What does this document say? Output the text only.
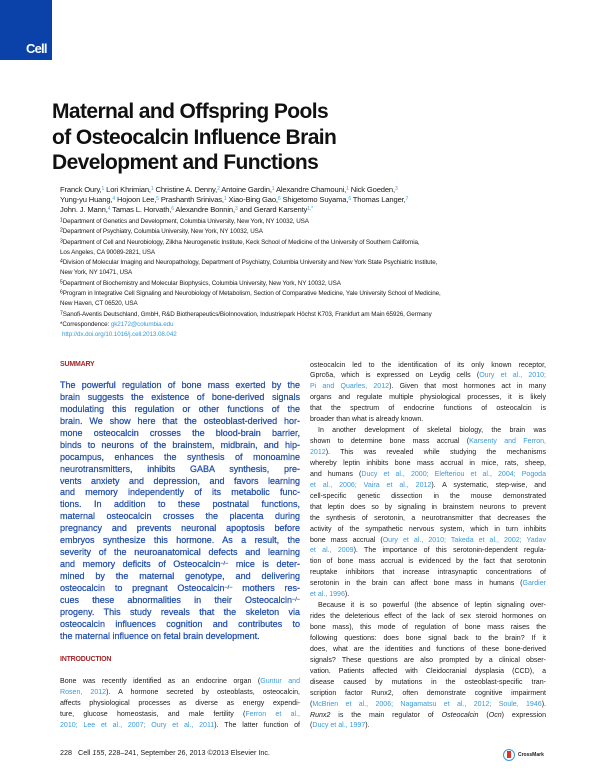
Cell
Maternal and Offspring Pools
of Osteocalcin Influence Brain
Development and Functions
Franck Oury,$^1$ Lori Khrimian,$^1$ Christine A. Denny,$^2$ Antoine Gardin,$^1$ Alexandre Chamouni,$^1$ Nick Goeden,$^3$
Yung-yu Huang,$^4$ Hojoon Lee,$^5$ Prashanth Srinivas,$^1$ Xiao-Bing Gao,$^6$ Shigetomo Suyama,$^6$ Thomas Langer,$^7$
John. J. Mann,$^4$ Tamas L. Horvath,$^6$ Alexandre Bonnin,$^3$ and Gerard Karsenty$^{1,*}$
$^1$Department of Genetics and Development, Columbia University, New York, NY 10032, USA
$^2$Department of Psychiatry, Columbia University, New York, NY 10032, USA
$^3$Department of Cell and Neurobiology, Zilkha Neurogenetic Institute, Keck School of Medicine of the University of Southern California,
Los Angeles, CA 90089-2821, USA
$^4$Division of Molecular Imaging and Neuropathology, Department of Psychiatry, Columbia University and New York State Psychiatric Institute,
New York, NY 10471, USA
$^5$Department of Biochemistry and Molecular Biophysics, Columbia University, New York, NY 10032, USA
$^6$Program in Integrative Cell Signaling and Neurobiology of Metabolism, Section of Comparative Medicine, Yale University School of Medicine,
New Haven, CT 06520, USA
$^7$Sanofi-Aventis Deutschland, GmbH, R&D Biotherapeutics/BioInnovation, Industriepark Höchst K703, Frankfurt am Main 65926, Germany
*Correspondence: gk2172@columbia.edu
http://dx.doi.org/10.1016/j.cell.2013.08.042
SUMMARY
The powerful regulation of bone mass exerted by the
brain suggests the existence of bone-derived signals
modulating this regulation or other functions of the
brain. We show here that the osteoblast-derived hor-
mone osteocalcin crosses the blood-brain barrier,
binds to neurons of the brainstem, midbrain, and hip-
pocampus, enhances the synthesis of monoamine
neurotransmitters, inhibits GABA synthesis, pre-
vents anxiety and depression, and favors learning
and memory independently of its metabolic func-
tions. In addition to these postnatal functions,
maternal osteocalcin crosses the placenta during
pregnancy and prevents neuronal apoptosis before
embryos synthesize this hormone. As a result, the
severity of the neuroanatomical defects and learning
and memory deficits of Osteocalcin−/− mice is deter-
mined by the maternal genotype, and delivering
osteocalcin to pregnant Osteocalcin−/− mothers res-
cues these abnormalities in their Osteocalcin−/−
progeny. This study reveals that the skeleton via
osteocalcin influences cognition and contributes to
the maternal influence on fetal brain development.
INTRODUCTION
Bone was recently identified as an endocrine organ (Guntur and
Rosen, 2012). A hormone secreted by osteoblasts, osteocalcin,
affects physiological processes as diverse as energy expendi-
ture, glucose homeostasis, and male fertility (Ferron et al.,
2010; Lee et al., 2007; Oury et al., 2011). The latter function of
osteocalcin led to the identification of its only known receptor,
Gprc6a, which is expressed on Leydig cells (Oury et al., 2010;
Pi and Quarles, 2012). Given that most hormones act in many
organs and regulate multiple physiological processes, it is likely
that the spectrum of endocrine functions of osteocalcin is
broader than what is already known.
In another development of skeletal biology, the brain was
shown to determine bone mass accrual (Karsenty and Ferron,
2012). This was revealed while studying the mechanisms
whereby leptin inhibits bone mass accrual in mice, rats, sheep,
and humans (Ducy et al., 2000; Elefteriou et al., 2004; Pogoda
et al., 2006; Vaira et al., 2012). A systematic, step-wise, and
cell-specific genetic dissection in the mouse demonstrated
that leptin does so by signaling in brainstem neurons to prevent
the synthesis of serotonin, a neurotransmitter that decreases the
activity of the sympathetic nervous system, which in turn inhibits
bone mass accrual (Oury et al., 2010; Takeda et al., 2002; Yadav
et al., 2009). The importance of this serotonin-dependent regula-
tion of bone mass accrual is evidenced by the fact that serotonin
reuptake inhibitors that increase intrasynaptic concentrations of
serotonin in the brain can affect bone mass in humans (Gardier
et al., 1996).
Because it is so powerful (the absence of leptin signaling over-
rides the deleterious effect of the lack of sex steroid hormones on
bone mass), this mode of regulation of bone mass raises the
following questions: does bone signal back to the brain? If it
does, what are the identities and functions of these bone-derived
signals? These questions are also prompted by a clinical obser-
vation. Patients affected with Cleidocranial dysplasia (CCD), a
disease caused by mutations in the osteoblast-specific tran-
scription factor Runx2, often demonstrate cognitive impairment
(McBrien et al., 2006; Nagamatsu et al., 2012; Soule, 1946).
Runx2 is the main regulator of Osteocalcin (Ocn) expression
(Ducy et al., 1997).
228 Cell 155, 228–241, September 26, 2013 ©2013 Elsevier Inc.	CrossMark
